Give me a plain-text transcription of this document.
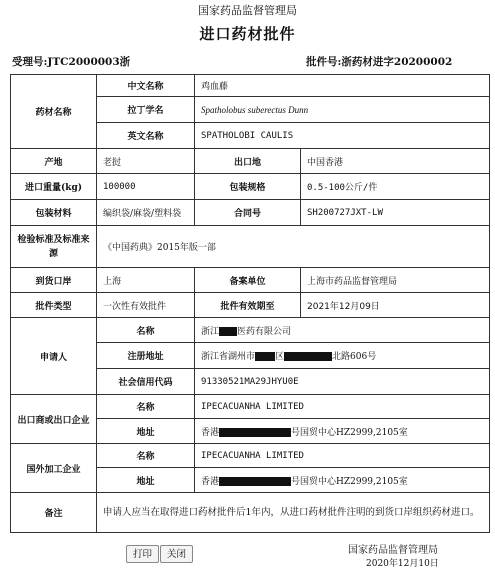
国家药品监督管理局
进口药材批件
受理号:JTC2000003浙	批件号:浙药材进字20200002
药材名称	中文名称	鸡血藤	
	拉丁学名	Spatholobus suberectus Dunn	
	英文名称	SPATHOLOBI CAULIS	
产地	老挝	出口地	中国香港
进口重量(kg)	100000	包装规格	0.5-100公斤/件
包装材料	编织袋/麻袋/塑料袋	合同号	SH200727JXT-LW
检验标准及标准来源	《中国药典》2015年版一部		
到货口岸	上海	备案单位	上海市药品监督管理局
批件类型	一次性有效批件	批件有效期至	2021年12月09日
申请人	名称	浙江 医药有限公司	
	注册地址	浙江省湖州市 区 北路606号	
	社会信用代码	91330521MA29JHYU0E	
出口商或出口企业	名称	IPECACUANHA LIMITED	
	地址	香港 号国贸中心HZ2999,2105室	
国外加工企业	名称	IPECACUANHA LIMITED	
	地址	香港 号国贸中心HZ2999,2105室	
备注	申请人应当在取得进口药材批件后1年内，从进口药材批件注明的到货口岸组织药材进口。		
打印	关闭	国家药品监督管理局
2020年12月10日
